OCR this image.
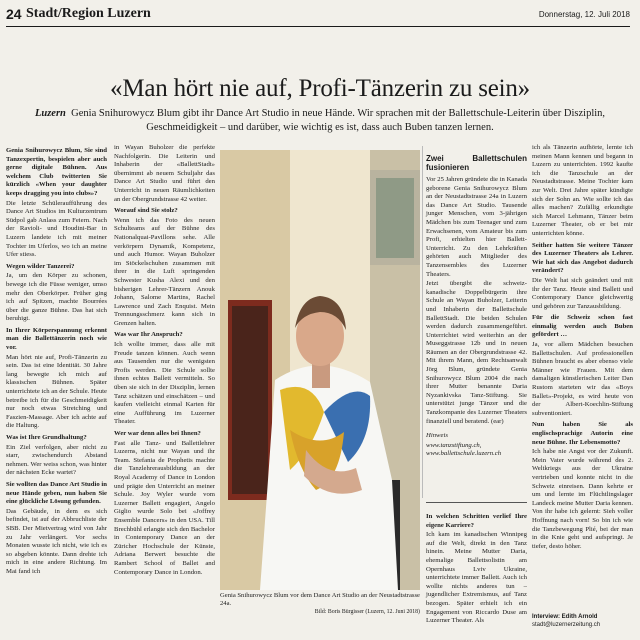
24 Stadt/Region Luzern	Donnerstag, 12. Juli 2018
«Man hört nie auf, Profi-Tänzerin zu sein»
Luzern Genia Snihurowycz Blum gibt ihr Dance Art Studio in neue Hände. Wir sprachen mit der Ballettschule-Leiterin über Disziplin, Geschmeidigkeit – und darüber, wie wichtig es ist, dass auch Buben tanzen lernen.

Genia Snihurowycz Blum, Sie sind Tanzexpertin, bespielen aber auch gerne digitale Bühnen. Aus welchem Club twitterten Sie kürzlich «When your daughter keeps dragging you into clubs»?

Die letzte Schüleraufführung des Dance Art Studios im Kulturzentrum Südpol gab Anlass zum Feiern. Nach der Ravioli- und Houdini-Bar in Luzern landete ich mit meiner Tochter im Uferlos, wo ich an meine Ufer stiess.

Wegen wilder Tanzerei?

Ja, um den Körper zu schonen, bewege ich die Füsse weniger, umso mehr den Oberkörper. Früher ging ich auf Spitzen, machte Bourrées über die ganze Bühne. Das hat sich beruhigt.

In Ihrer Körperspannung erkennt man die Ballettänzerin noch wie vor.

Man hört nie auf, Profi-Tänzerin zu sein. Das ist eine Identität. 30 Jahre lang bewegte ich mich auf klassischen Bühnen. Später unterrichtete ich an der Schule. Heute betreibe ich für die Geschmeidigkeit nur noch etwas Stretching und Faszien-Massage. Aber ich achte auf die Haltung.

Was ist Ihre Grundhaltung?

Ein Ziel verfolgen, aber nicht zu starr, zwischendurch Abstand nehmen. Wer weiss schon, was hinter der nächsten Ecke wartet?

Sie wollten das Dance Art Studio in neue Hände geben, nun haben Sie eine glückliche Lösung gefunden.

Das Gebäude, in dem es sich befindet, ist auf der Abbruchliste der SBB. Der Mietvertrag wird von Jahr zu Jahr verlängert. Vor sechs Monaten wusste ich nicht, wie ich es so abgeben könnte. Dann drehte ich mich in eine andere Richtung. Im Mai fand ich

in Wayan Buholzer die perfekte Nachfolgerin. Die Leiterin und Inhaberin der «BallettStadt» übernimmt ab neuem Schuljahr das Dance Art Studio und führt den Unterricht in neuen Räumlichkeiten an der Obergrundstrasse 42 weiter.

Worauf sind Sie stolz?

Wenn ich das Foto des neuen Schulteams auf der Bühne des Nationalquai-Pavillons sehe. Alle verkörpern Dynamik, Kompetenz, und auch Humor. Wayan Buholzer im Stöckelschuhen zusammen mit ihrer in die Luft springenden Schwester Kusha Alexi und den bisherigen Lehrer-Tänzern Anouk Johann, Salome Martins, Rachel Lawrence und Zach Enquist. Mein Trennungsschmerz kann sich in Grenzen halten.

Was war Ihr Anspruch?

Ich wollte immer, dass alle mit Freude tanzen können. Auch wenn aus Tausenden nur die wenigsten Profis werden. Die Schule sollte ihnen echtes Ballett vermitteln. So üben sie sich in der Disziplin, lernen Tanz schätzen und einschätzen – und kaufen vielleicht einmal Karten für eine Aufführung im Luzerner Theater.

Wer war denn alles bei Ihnen?

Fast alle Tanz- und Ballettlehrer Luzerns, nicht nur Wayan und ihr Team. Stefania de Prophetis machte die Tanzlehrerausbildung an der Royal Academy of Dance in London und prägte den Unterricht an meiner Schule. Joy Wyler wurde vom Luzerner Ballett engagiert, Angelo Giglio wurde Solo bei «Joffrey Ensemble Dancers» in den USA. Till Brechbühl erlangte sich den Bachelor in Contemporary Dance an der Züricher Hochschule der Künste, Adriana Berwert besuchte die Rambert School of Ballet and Contemporary Dance in London.

Genia Snihurowycz Blum vor dem Dance Art Studio an der Neustadtstrasse 24a.
Bild: Boris Bürgisser (Luzern, 12. Juni 2018)
Zwei Ballettschulen fusionieren

Vor 25 Jahren gründete die in Kanada geborene Genia Snihurowycz Blum an der Neustadtstrasse 24a in Luzern das Dance Art Studio. Tausende junger Menschen, vom 3-jährigen Mädchen bis zum Teenager und zum Erwachsenen, vom Amateur bis zum Profi, erhielten hier Ballett-Unterricht. Zu den Lehrkräften gehörten auch Mitglieder des Tanzensembles des Luzerner Theaters.

Jetzt übergibt die schweiz-kanadische Doppelbürgerin ihre Schule an Wayan Buholzer, Leiterin und Inhaberin der Ballettschule BallettStadt. Die beiden Schulen werden dadurch zusammengeführt. Unterrichtet wird weiterhin an der Museggstrasse 12b und in neuen Räumen an der Obergrundstrasse 42. Mit ihrem Mann, dem Rechtsanwalt Jörg Blum, gründete Genia Snihurowycz Blum 2004 die nach ihrer Mutter benannte Daria Nyzankivska Tanz-Stiftung. Sie unterstützt junge Tänzer und die Tanzkompanie des Luzerner Theaters finanziell und beratend. (ear)

Hinweis

www.tanzstiftung.ch, www.ballettschule.luzern.ch

In welchen Schritten verlief Ihre eigene Karriere?

Ich kam im kanadischen Winnipeg auf die Welt, direkt in den Tanz hinein. Meine Mutter Daria, ehemalige Ballettsolistin am Opernhaus Lviv Ukraine, unterrichtete immer Ballett. Auch ich wollte nichts anderes tun – jugendlicher Extremismus, auf Tanz bezogen. Später erhielt ich ein Engagement von Riccardo Duse am Luzerner Theater. Als

ich als Tänzerin aufhörte, lernte ich meinen Mann kennen und begann in Luzern zu unterrichten. 1992 kaufte ich die Tanzschule an der Neustadtstrasse. Meine Tochter kam zur Welt. Drei Jahre später kündigte sich der Sohn an. Wie sollte ich das alles machen? Zufällig erkundigte sich Marcel Lehmann, Tänzer beim Luzerner Theater, ob er bei mir unterrichten könne.

Seither hatten Sie weitere Tänzer des Luzerner Theaters als Lehrer. Wie hat sich das Angebot dadurch verändert?

Die Welt hat sich geändert und mit ihr der Tanz. Heute sind Ballett und Contemporary Dance gleichwertig und gehören zur Tanzausbildung.

Für die Schweiz schon fast einmalig werden auch Buben gefördert …

Ja, vor allem Mädchen besuchen Ballettschulen. Auf professionellen Bühnen braucht es aber ebenso viele Männer wie Frauen. Mit dem damaligen künstlerischen Leiter Dan Rustom starteten wir das «Boys Ballet»-Projekt, es wird heute von der Albert-Koechlin-Stiftung subventioniert.

Nun haben Sie als englischsprachige Autorin eine neue Bühne. Ihr Lebensmotto?

Ich habe nie Angst vor der Zukunft. Mein Vater wurde während des 2. Weltkriegs aus der Ukraine vertrieben und konnte nicht in die Schweiz einreisen. Dann kehrte er um und lernte im Flüchtlingslager Landeck meine Mutter Daria kennen. Von ihr habe ich gelernt: Sieh voller Hoffnung nach vorn! So bin ich wie die Tanzbewegung Plié, bei der man in die Knie geht und aufspringt. Je tiefer, desto höher.

Interview: Edith Arnold
stadt@luzernerzeitung.ch
